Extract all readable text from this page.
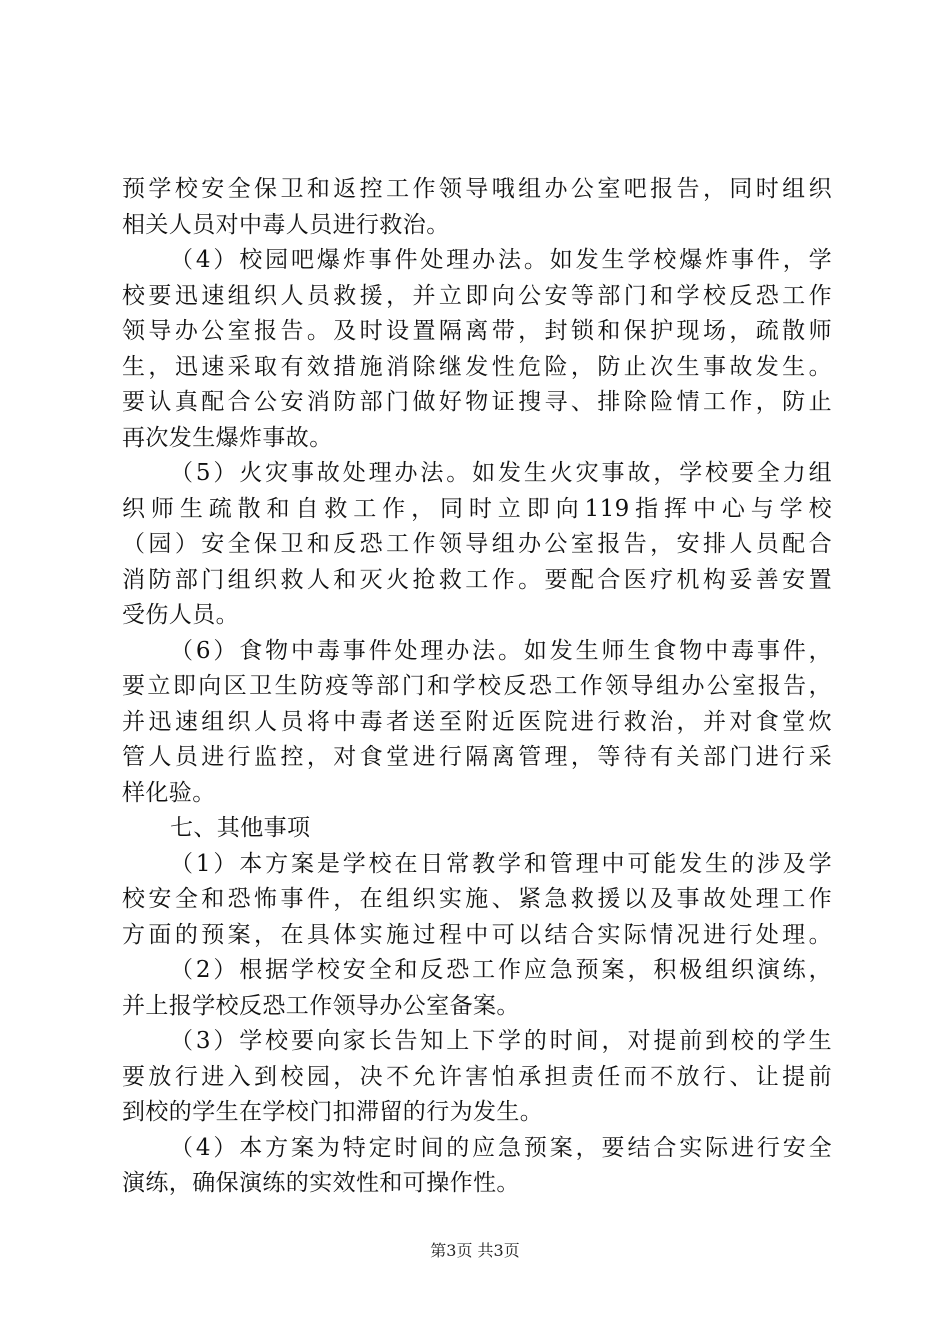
预学校安全保卫和返控工作领导哦组办公室吧报告，同时组织
相关人员对中毒人员进行救治。
（4）校园吧爆炸事件处理办法。如发生学校爆炸事件，学
校要迅速组织人员救援，并立即向公安等部门和学校反恐工作
领导办公室报告。及时设置隔离带，封锁和保护现场，疏散师
生，迅速采取有效措施消除继发性危险，防止次生事故发生。
要认真配合公安消防部门做好物证搜寻、排除险情工作，防止
再次发生爆炸事故。
（5）火灾事故处理办法。如发生火灾事故，学校要全力组
织师生疏散和自救工作，同时立即向119指挥中心与学校
（园）安全保卫和反恐工作领导组办公室报告，安排人员配合
消防部门组织救人和灭火抢救工作。要配合医疗机构妥善安置
受伤人员。
（6）食物中毒事件处理办法。如发生师生食物中毒事件，
要立即向区卫生防疫等部门和学校反恐工作领导组办公室报告，
并迅速组织人员将中毒者送至附近医院进行救治，并对食堂炊
管人员进行监控，对食堂进行隔离管理，等待有关部门进行采
样化验。
七、其他事项
（1）本方案是学校在日常教学和管理中可能发生的涉及学
校安全和恐怖事件，在组织实施、紧急救援以及事故处理工作
方面的预案，在具体实施过程中可以结合实际情况进行处理。
（2）根据学校安全和反恐工作应急预案，积极组织演练，
并上报学校反恐工作领导办公室备案。
（3）学校要向家长告知上下学的时间，对提前到校的学生
要放行进入到校园，决不允许害怕承担责任而不放行、让提前
到校的学生在学校门扣滞留的行为发生。
（4）本方案为特定时间的应急预案，要结合实际进行安全
演练，确保演练的实效性和可操作性。
第3页 共3页
